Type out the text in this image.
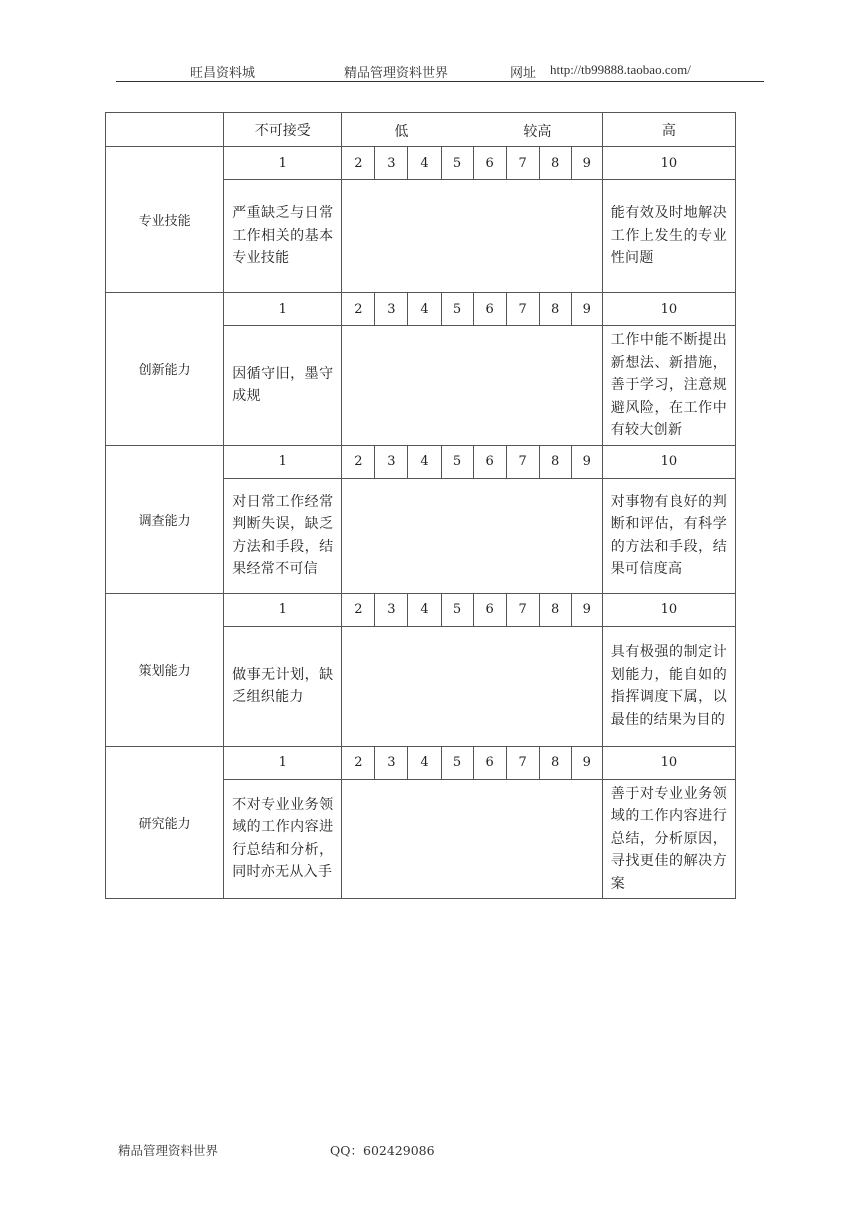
旺昌资料城	精品管理资料世界	网址 http://tb99888.taobao.com/
	不可接受	低 较高								高
专业技能	1	2	3	4	5	6	7	8	9	10

	严重缺乏与日常工作相关的基本专业技能									能有效及时地解决工作上发生的专业性问题

创新能力	1	2	3	4	5	6	7	8	9	10

	因循守旧，墨守成规									工作中能不断提出新想法、新措施，善于学习，注意规避风险，在工作中有较大创新

调查能力	1	2	3	4	5	6	7	8	9	10

	对日常工作经常判断失误，缺乏方法和手段，结果经常不可信									对事物有良好的判断和评估，有科学的方法和手段，结果可信度高

策划能力	1	2	3	4	5	6	7	8	9	10

	做事无计划，缺乏组织能力									具有极强的制定计划能力，能自如的指挥调度下属，以最佳的结果为目的

研究能力	1	2	3	4	5	6	7	8	9	10

	不对专业业务领域的工作内容进行总结和分析，同时亦无从入手									善于对专业业务领域的工作内容进行总结，分析原因，寻找更佳的解决方案
精品管理资料世界	QQ：602429086
